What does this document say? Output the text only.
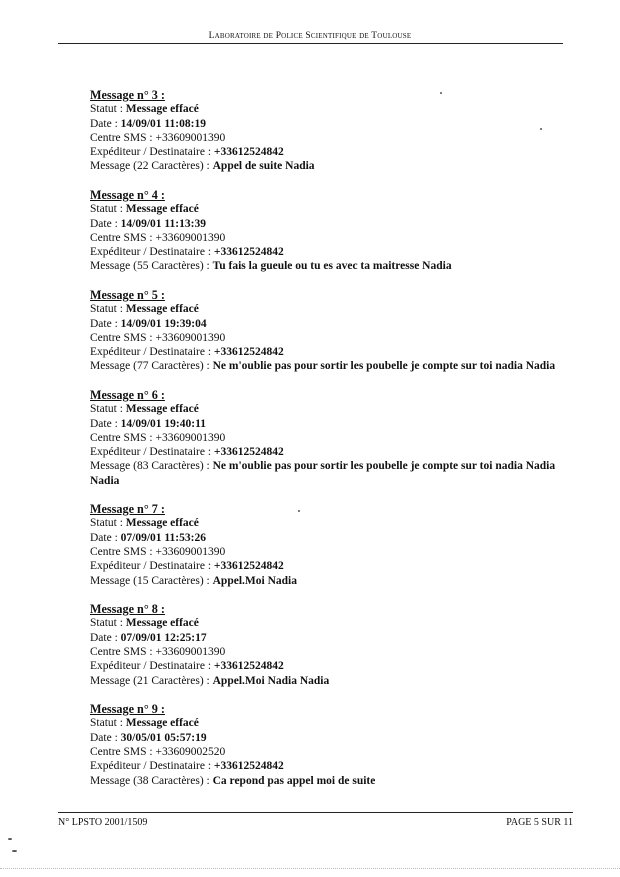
Laboratoire de Police Scientifique de Toulouse
Message n° 3 :
Statut : Message effacé
Date : 14/09/01 11:08:19
Centre SMS : +33609001390
Expéditeur / Destinataire : +33612524842
Message (22 Caractères) : Appel de suite Nadia
Message n° 4 :
Statut : Message effacé
Date : 14/09/01 11:13:39
Centre SMS : +33609001390
Expéditeur / Destinataire : +33612524842
Message (55 Caractères) : Tu fais la gueule ou tu es avec ta maitresse Nadia
Message n° 5 :
Statut : Message effacé
Date : 14/09/01 19:39:04
Centre SMS : +33609001390
Expéditeur / Destinataire : +33612524842
Message (77 Caractères) : Ne m'oublie pas pour sortir les poubelle je compte sur toi nadia Nadia
Message n° 6 :
Statut : Message effacé
Date : 14/09/01 19:40:11
Centre SMS : +33609001390
Expéditeur / Destinataire : +33612524842
Message (83 Caractères) : Ne m'oublie pas pour sortir les poubelle je compte sur toi nadia Nadia Nadia
Message n° 7 :
Statut : Message effacé
Date : 07/09/01 11:53:26
Centre SMS : +33609001390
Expéditeur / Destinataire : +33612524842
Message (15 Caractères) : Appel.Moi Nadia
Message n° 8 :
Statut : Message effacé
Date : 07/09/01 12:25:17
Centre SMS : +33609001390
Expéditeur / Destinataire : +33612524842
Message (21 Caractères) : Appel.Moi Nadia Nadia
Message n° 9 :
Statut : Message effacé
Date : 30/05/01 05:57:19
Centre SMS : +33609002520
Expéditeur / Destinataire : +33612524842
Message (38 Caractères) : Ca repond pas appel moi de suite
N° LPSTO 2001/1509	PAGE 5 SUR 11
